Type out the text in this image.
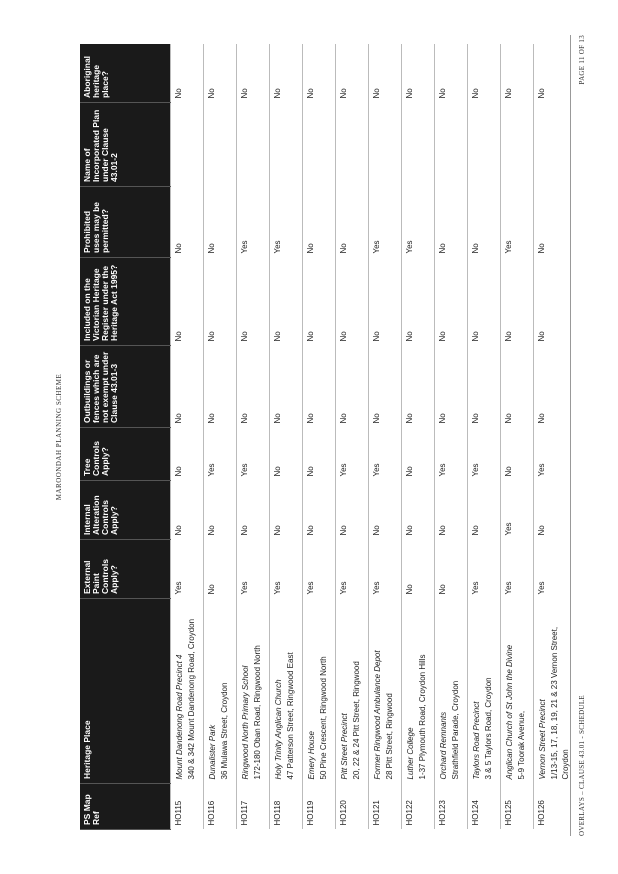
MAROONDAH PLANNING SCHEME
PS Map Ref	Heritage Place	External Paint Controls Apply?	Internal Alteration Controls Apply?	Tree Controls Apply?	Outbuildings or fences which are not exempt under Clause 43.01-3	Included on the Victorian Heritage Register under the Heritage Act 1995?	Prohibited uses may be permitted?	Name of Incorporated Plan under Clause 43.01-2	Aboriginal heritage place?
HO115	Mount Dandenong Road Precinct 4 340 & 342 Mount Dandenong Road, Croydon	Yes	No	No	No	No	No		No
HO116	Dunalister Park 36 Mulawa Street, Croydon	No	No	Yes	No	No	No		No
HO117	Ringwood North Primary School 172-180 Oban Road, Ringwood North	Yes	No	Yes	No	No	Yes		No
HO118	Holy Trinity Anglican Church 47 Patterson Street, Ringwood East	Yes	No	No	No	No	Yes		No
HO119	Emery House 50 Pine Crescent, Ringwood North	Yes	No	No	No	No	No		No
HO120	Pitt Street Precinct 20, 22 & 24 Pitt Street, Ringwood	Yes	No	Yes	No	No	No		No
HO121	Former Ringwood Ambulance Depot 28 Pitt Street, Ringwood	Yes	No	Yes	No	No	Yes		No
HO122	Luther College 1-37 Plymouth Road, Croydon Hills	No	No	No	No	No	Yes		No
HO123	Orchard Remnants Strathfield Parade, Croydon	No	No	Yes	No	No	No		No
HO124	Taylors Road Precinct 3 & 5 Taylors Road, Croydon	Yes	No	Yes	No	No	No		No
HO125	Anglican Church of St John the Divine 5-9 Toorak Avenue,	Yes	Yes	No	No	No	Yes		No
HO126	Vernon Street Precinct 1/13-15, 17, 18, 19, 21 & 23 Vernon Street, Croydon	Yes	No	Yes	No	No	No		No
OVERLAYS – CLAUSE 43.01 - SCHEDULE
PAGE 11 OF 13
